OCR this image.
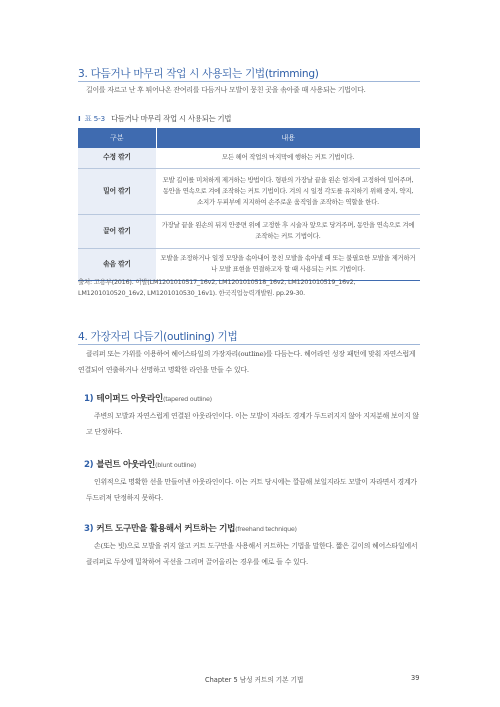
3. 다듬거나 마무리 작업 시 사용되는 기법(trimming)
길이를 자르고 난 후 튀어나온 잔여리를 다듬거나 모발이 뭉친 곳을 솎아줄 때 사용되는 기법이다.
I 표 5-3 다듬거나 마무리 작업 시 사용되는 기법
구분	내용
수정 깎기	모든 헤어 작업의 마지막에 행하는 커트 기법이다.
밀어 깎기	모발 길이를 미처하게 제거하는 방법이다. 형판의 가장날 끝을 왼손 엄지에 고정하여 밀어주며, 동안을 연속으로 겨에 조작하는 커트 기법이다. 겨의 시 일정 각도를 유지하기 위해 중지, 약지, 소지가 두피부에 지지하여 손주로운 움직임을 조작하는 역할을 한다.
끌어 깎기	가장날 끝을 왼손의 뒤지 안중면 위에 고정한 후 시술자 앞으로 당겨주며, 동안을 연속으로 겨에 조작하는 커트 기법이다.
솎음 깎기	모발을 조정하거나 일정 모양을 솎아내어 뭉친 모발을 솎아낼 때 또는 불필요한 모발을 제거하거나 모발 표현을 연결하고자 할 때 사용되는 커트 기법이다.
출처: 고용부(2016). 이발(LM1201010517_16v2, LM1201010518_16v2, LM1201010519_16v2, LM1201010520_16v2, LM1201010530_16v1). 한국직업능력개발원. pp.29-30.
4. 가장자리 다듬기(outlining) 기법
클리퍼 또는 가위를 이용하여 헤어스타일의 가장자리(outline)를 다듬는다. 헤어라인 성장 패턴에 맞춰 자연스럽게 연결되어 연출하거나 선명하고 명확한 라인을 만들 수 있다.
1) 테이퍼드 아웃라인(tapered outline)
주변의 모발과 자연스럽게 연결된 아웃라인이다. 이는 모발이 자라도 경계가 두드러지지 않아 지저분해 보이지 않고 단정하다.
2) 블런트 아웃라인(blunt outline)
인위적으로 명확한 선을 만들어낸 아웃라인이다. 이는 커트 당시에는 깔끔해 보일지라도 모발이 자라면서 경계가 두드러져 단정하지 못하다.
3) 커트 도구만을 활용해서 커트하는 기법(freehand technique)
손(또는 빗)으로 모발을 쥐지 않고 커트 도구만을 사용해서 커트하는 기법을 말한다. 짧은 길이의 헤어스타일에서 클리퍼로 두상에 밀착하여 곡선을 그리며 끌어올리는 경우를 예로 들 수 있다.
Chapter 5 남성 커트의 기본 기법	39
